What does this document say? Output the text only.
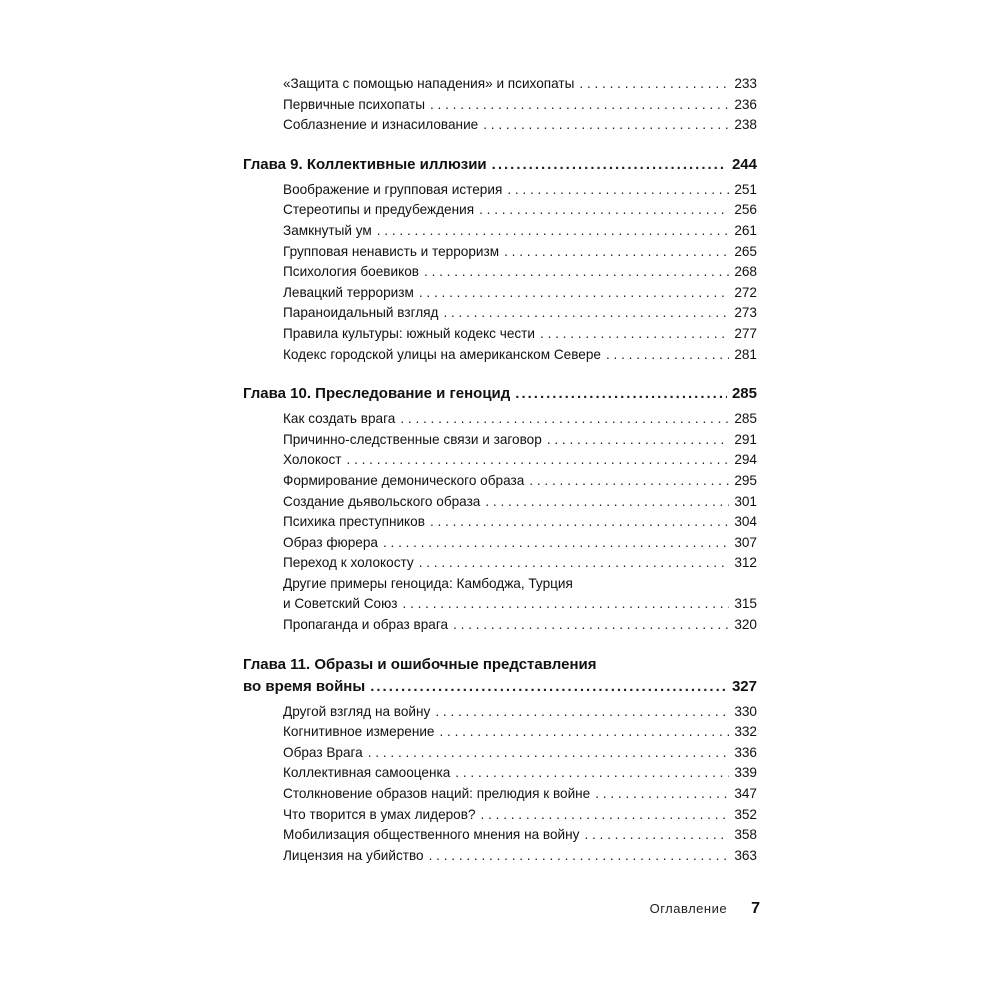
«Защита с помощью нападения» и психопаты . . .	233
Первичные психопаты . . .	236
Соблазнение и изнасилование . . .	238
Глава 9. Коллективные иллюзии .....	244
Воображение и групповая истерия . . .	251
Стереотипы и предубеждения . . .	256
Замкнутый ум . . .	261
Групповая ненависть и терроризм . . .	265
Психология боевиков . . .	268
Левацкий терроризм . . .	272
Параноидальный взгляд . . .	273
Правила культуры: южный кодекс чести . . .	277
Кодекс городской улицы на американском Севере . . .	281
Глава 10. Преследование и геноцид .....	285
Как создать врага . . .	285
Причинно-следственные связи и заговор . . .	291
Холокост . . .	294
Формирование демонического образа . . .	295
Создание дьявольского образа . . .	301
Психика преступников . . .	304
Образ фюрера . . .	307
Переход к холокосту . . .	312
Другие примеры геноцида: Камбоджа, Турция
и Советский Союз . . .	315
Пропаганда и образ врага . . .	320
Глава 11. Образы и ошибочные представления
во время войны .....	327
Другой взгляд на войну . . .	330
Когнитивное измерение . . .	332
Образ Врага . . .	336
Коллективная самооценка . . .	339
Столкновение образов наций: прелюдия к войне . . .	347
Что творится в умах лидеров? . . .	352
Мобилизация общественного мнения на войну . . .	358
Лицензия на убийство . . .	363
Оглавление 7
